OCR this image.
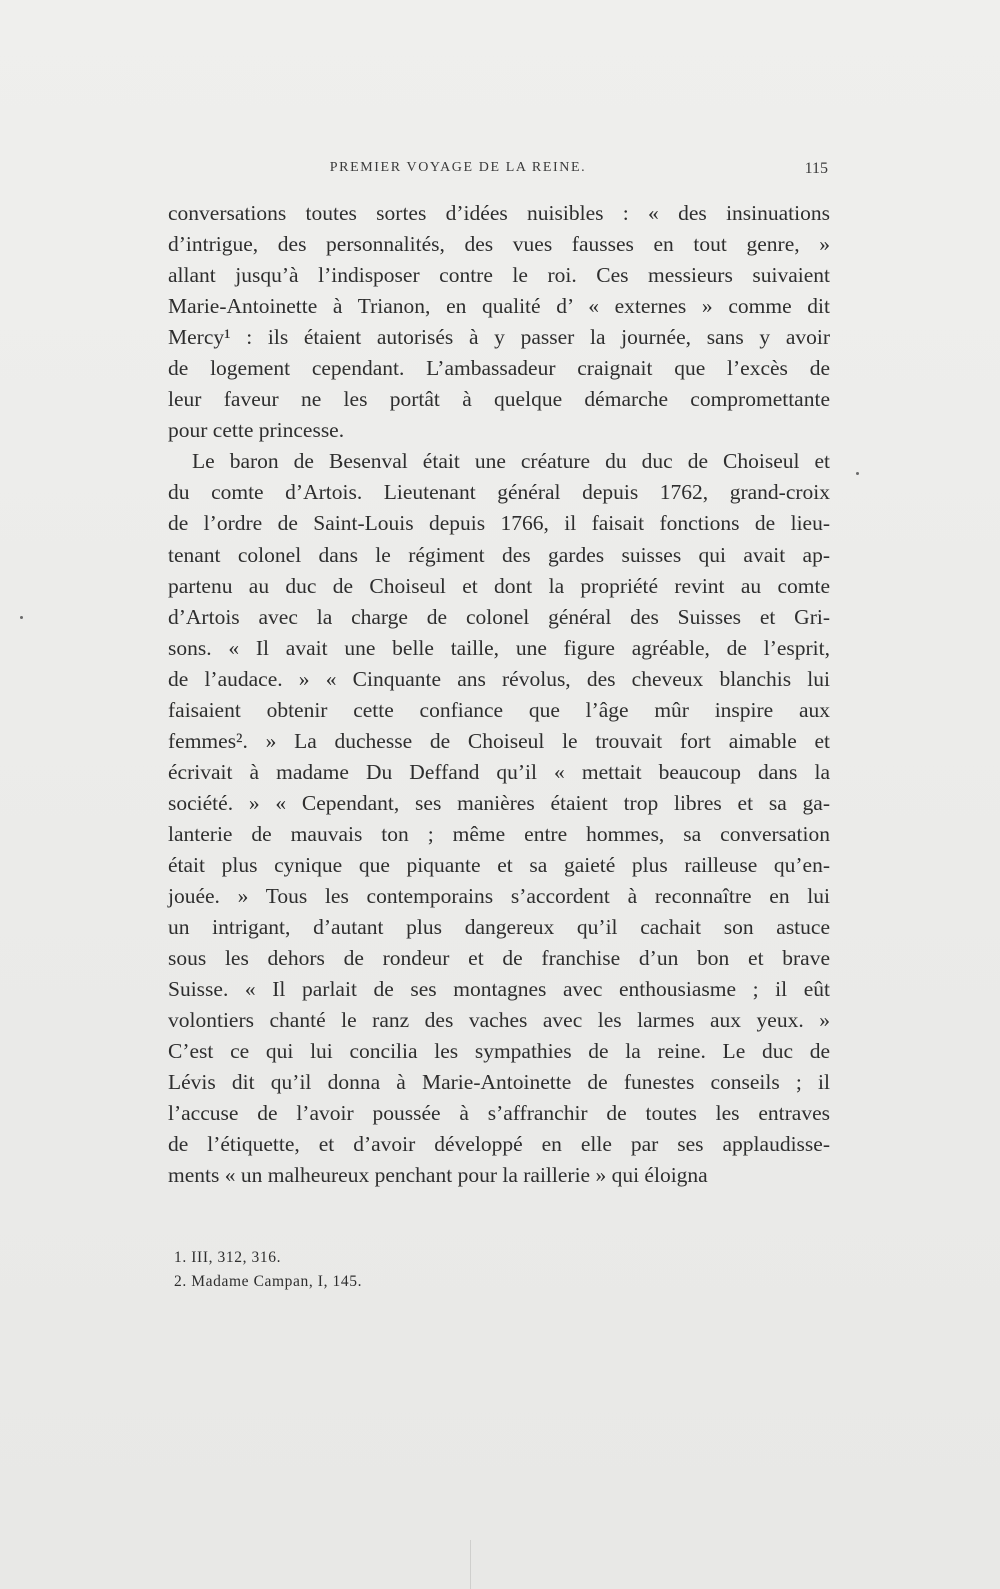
PREMIER VOYAGE DE LA REINE.	115
conversations toutes sortes d’idées nuisibles : « des insinuations
d’intrigue, des personnalités, des vues fausses en tout genre, »
allant jusqu’à l’indisposer contre le roi. Ces messieurs suivaient
Marie-Antoinette à Trianon, en qualité d’ « externes » comme dit
Mercy¹ : ils étaient autorisés à y passer la journée, sans y avoir
de logement cependant. L’ambassadeur craignait que l’excès de
leur faveur ne les portât à quelque démarche compromettante
pour cette princesse.
Le baron de Besenval était une créature du duc de Choiseul et
du comte d’Artois. Lieutenant général depuis 1762, grand-croix
de l’ordre de Saint-Louis depuis 1766, il faisait fonctions de lieu-
tenant colonel dans le régiment des gardes suisses qui avait ap-
partenu au duc de Choiseul et dont la propriété revint au comte
d’Artois avec la charge de colonel général des Suisses et Gri-
sons. « Il avait une belle taille, une figure agréable, de l’esprit,
de l’audace. » « Cinquante ans révolus, des cheveux blanchis lui
faisaient obtenir cette confiance que l’âge mûr inspire aux
femmes². » La duchesse de Choiseul le trouvait fort aimable et
écrivait à madame Du Deffand qu’il « mettait beaucoup dans la
société. » « Cependant, ses manières étaient trop libres et sa ga-
lanterie de mauvais ton ; même entre hommes, sa conversation
était plus cynique que piquante et sa gaieté plus railleuse qu’en-
jouée. » Tous les contemporains s’accordent à reconnaître en lui
un intrigant, d’autant plus dangereux qu’il cachait son astuce
sous les dehors de rondeur et de franchise d’un bon et brave
Suisse. « Il parlait de ses montagnes avec enthousiasme ; il eût
volontiers chanté le ranz des vaches avec les larmes aux yeux. »
C’est ce qui lui concilia les sympathies de la reine. Le duc de
Lévis dit qu’il donna à Marie-Antoinette de funestes conseils ; il
l’accuse de l’avoir poussée à s’affranchir de toutes les entraves
de l’étiquette, et d’avoir développé en elle par ses applaudisse-
ments « un malheureux penchant pour la raillerie » qui éloigna
1. III, 312, 316.
2. Madame Campan, I, 145.
